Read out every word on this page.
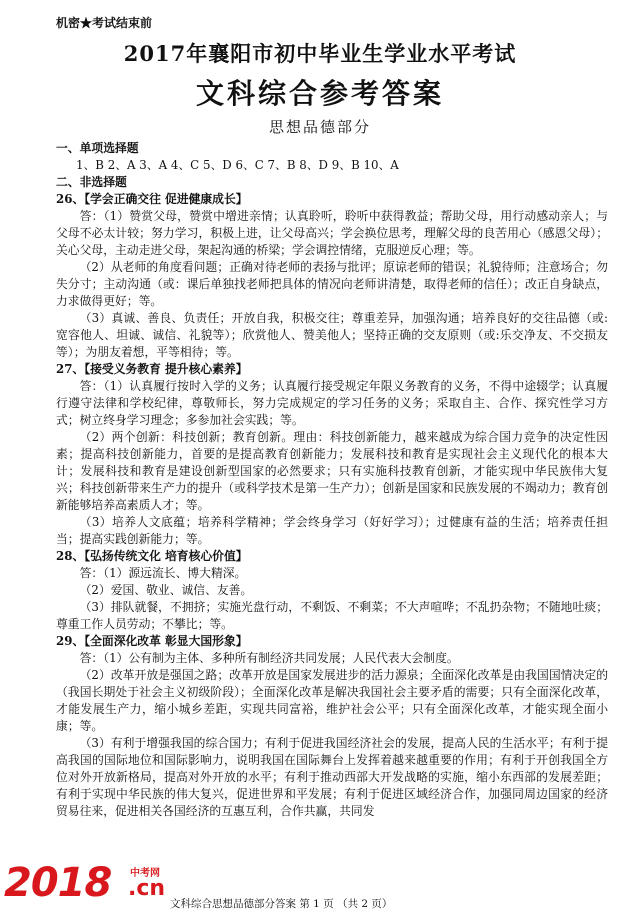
机密★考试结束前
2017年襄阳市初中毕业生学业水平考试
文科综合参考答案
思想品德部分

一、单项选择题

1、B 2、A 3、A 4、C 5、D 6、C 7、B 8、D 9、B 10、A

二、非选择题

26、【学会正确交往 促进健康成长】

答：（1）赞赏父母，赞赏中增进亲情；认真聆听，聆听中获得教益；帮助父母，用行动感动亲人；与父母不必太计较；努力学习，积极上进，让父母高兴；学会换位思考，理解父母的良苦用心（感恩父母）；关心父母，主动走进父母，架起沟通的桥梁；学会调控情绪，克服逆反心理；等。

（2）从老师的角度看问题；正确对待老师的表扬与批评；原谅老师的错误；礼貌待师；注意场合；勿失分寸；主动沟通（或：课后单独找老师把具体的情况向老师讲清楚，取得老师的信任）；改正自身缺点，力求做得更好；等。

（3）真诚、善良、负责任；开放自我，积极交往；尊重差异，加强沟通；培养良好的交往品德（或:宽容他人、坦诚、诚信、礼貌等）；欣赏他人、赞美他人；坚持正确的交友原则（或:乐交净友、不交损友等）；为朋友着想，平等相待；等。

27、【接受义务教育 提升核心素养】

答：（1）认真履行按时入学的义务；认真履行接受规定年限义务教育的义务，不得中途辍学；认真履行遵守法律和学校纪律，尊敬师长，努力完成规定的学习任务的义务；采取自主、合作、探究性学习方式；树立终身学习理念；多参加社会实践；等。

（2）两个创新：科技创新；教育创新。理由：科技创新能力，越来越成为综合国力竞争的决定性因素；提高科技创新能力，首要的是提高教育创新能力；发展科技和教育是实现社会主义现代化的根本大计；发展科技和教育是建设创新型国家的必然要求；只有实施科技教育创新，才能实现中华民族伟大复兴；科技创新带来生产力的提升（或科学技术是第一生产力）；创新是国家和民族发展的不竭动力；教育创新能够培养高素质人才；等。

（3）培养人文底蕴；培养科学精神；学会终身学习（好好学习）；过健康有益的生活；培养责任担当；提高实践创新能力；等。

28、【弘扬传统文化 培育核心价值】

答：（1）源远流长、博大精深。

（2）爱国、敬业、诚信、友善。

（3）排队就餐，不拥挤；实施光盘行动，不剩饭、不剩菜；不大声喧哗；不乱扔杂物；不随地吐痰；尊重工作人员劳动；不攀比；等。

29、【全面深化改革 彰显大国形象】

答：（1）公有制为主体、多种所有制经济共同发展；人民代表大会制度。

（2）改革开放是强国之路；改革开放是国家发展进步的活力源泉；全面深化改革是由我国国情决定的（我国长期处于社会主义初级阶段）；全面深化改革是解决我国社会主要矛盾的需要；只有全面深化改革，才能发展生产力，缩小城乡差距，实现共同富裕，维护社会公平；只有全面深化改革，才能实现全面小康；等。

（3）有利于增强我国的综合国力；有利于促进我国经济社会的发展，提高人民的生活水平；有利于提高我国的国际地位和国际影响力，说明我国在国际舞台上发挥着越来越重要的作用；有利于开创我国全方位对外开放新格局，提高对外开放的水平；有利于推动西部大开发战略的实施，缩小东西部的发展差距；有利于实现中华民族的伟大复兴，促进世界和平发展；有利于促进区域经济合作，加强同周边国家的经济贸易往来，促进相关各国经济的互惠互利，合作共赢，共同发

2018 中考网
.cn
文科综合思想品德部分答案 第 1 页 （共 2 页）
